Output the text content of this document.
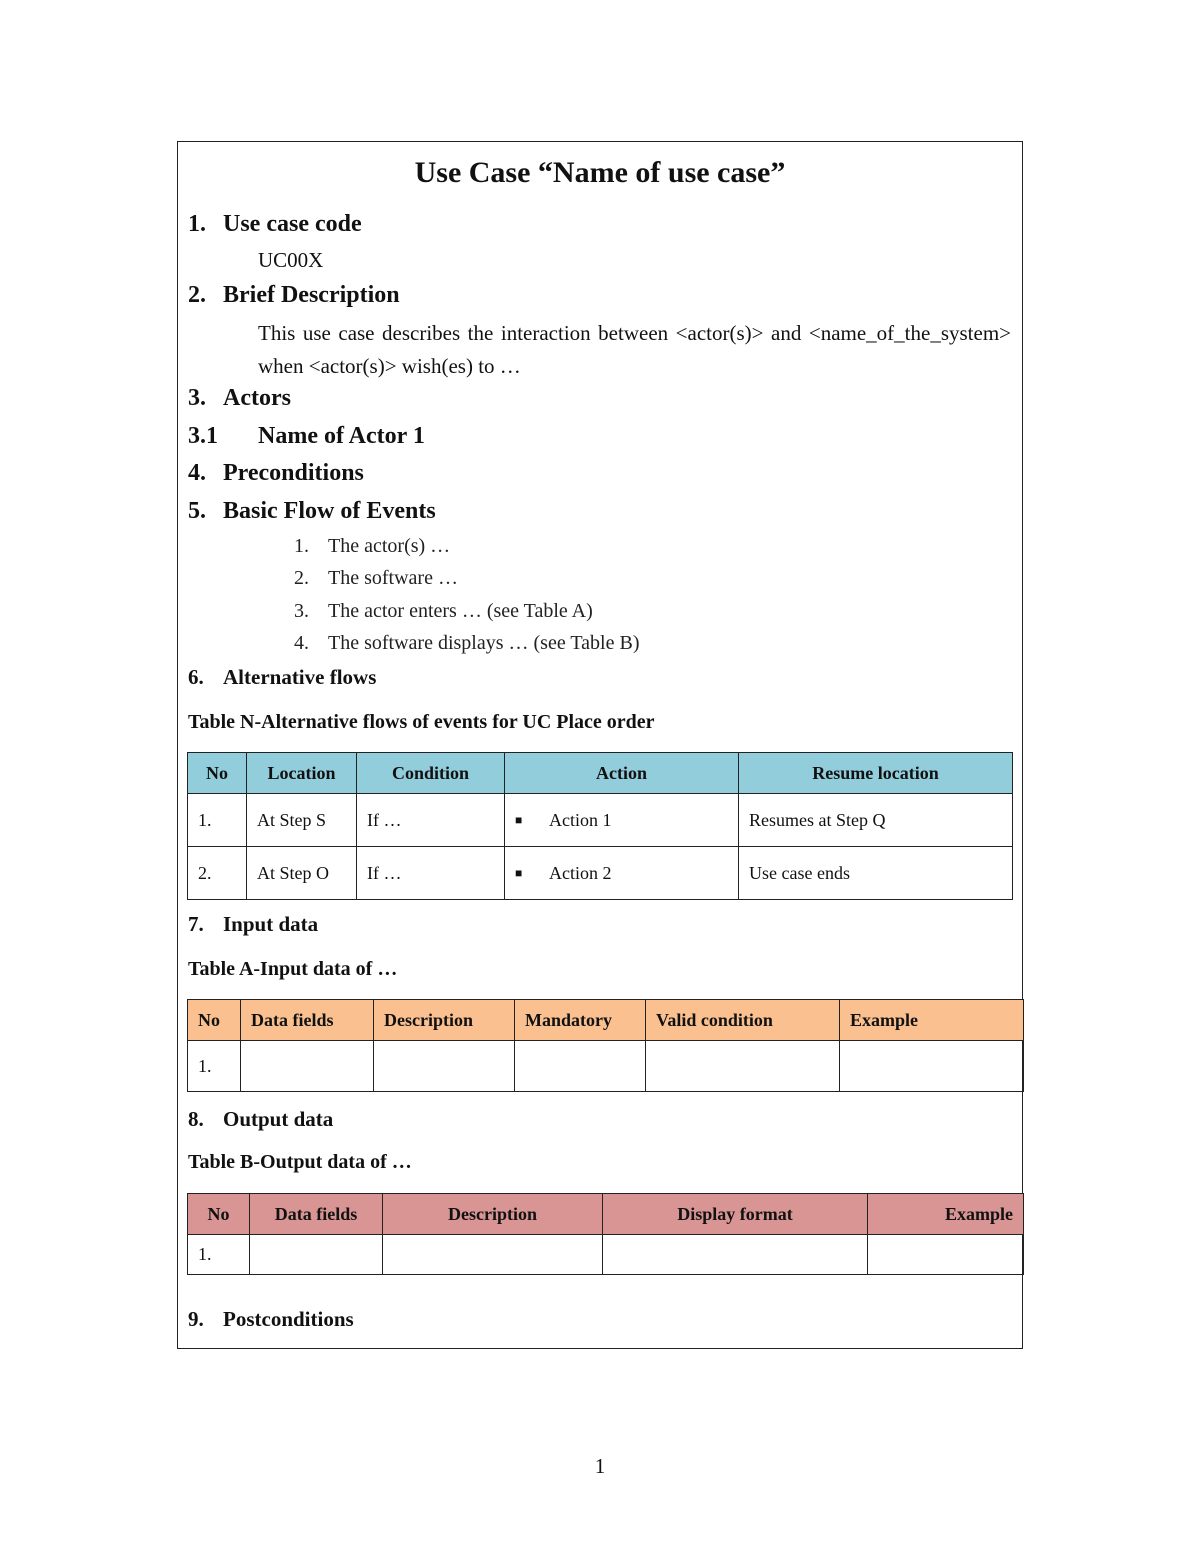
Use Case “Name of use case”
1. Use case code
UC00X
2. Brief Description
This use case describes the interaction between <actor(s)> and <name_of_the_system> when <actor(s)> wish(es) to …
3. Actors
3.1 Name of Actor 1
4. Preconditions
5. Basic Flow of Events
1. The actor(s) …
2. The software …
3. The actor enters … (see Table A)
4. The software displays … (see Table B)
6. Alternative flows
Table N-Alternative flows of events for UC Place order
No	Location	Condition	Action	Resume location
1.	At Step S	If …	■ Action 1	Resumes at Step Q
2.	At Step O	If …	■ Action 2	Use case ends
7. Input data
Table A-Input data of …
No	Data fields	Description	Mandatory	Valid condition	Example
1.					
8. Output data
Table B-Output data of …
No	Data fields	Description	Display format	Example
1.				
9. Postconditions
1
